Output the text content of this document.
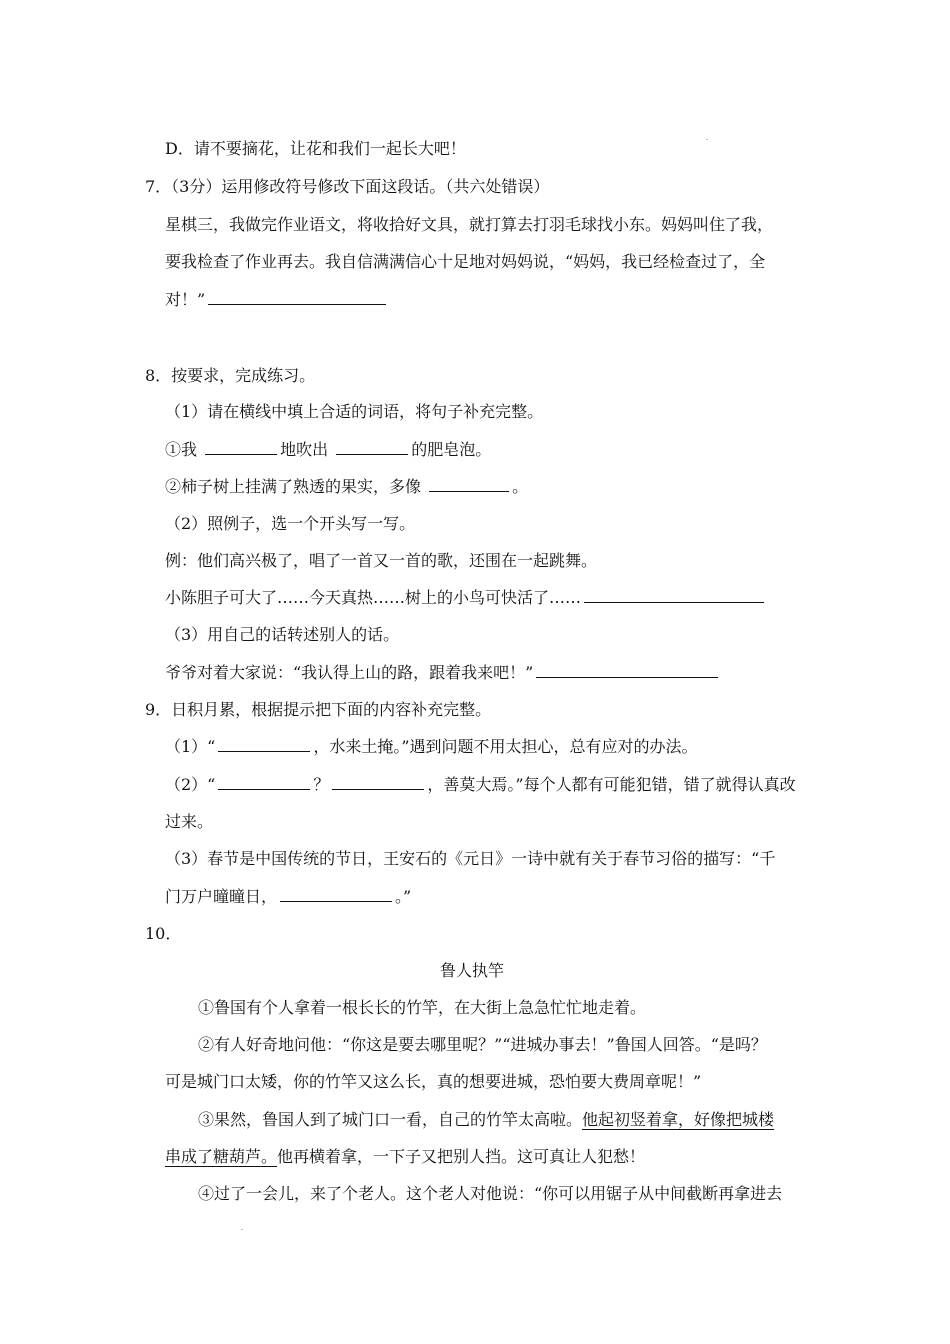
D．请不要摘花，让花和我们一起长大吧！
7．（3分）运用修改符号修改下面这段话。（共六处错误）
星棋三，我做完作业语文，将收拾好文具，就打算去打羽毛球找小东。妈妈叫住了我，
要我检查了作业再去。我自信满满信心十足地对妈妈说，“妈妈，我已经检查过了，全
对！”
8．按要求，完成练习。
（1）请在横线中填上合适的词语，将句子补充完整。
①我	地吹出	的肥皂泡。
②柿子树上挂满了熟透的果实，多像	。
（2）照例子，选一个开头写一写。
例：他们高兴极了，唱了一首又一首的歌，还围在一起跳舞。
小陈胆子可大了……今天真热……树上的小鸟可快活了……
（3）用自己的话转述别人的话。
爷爷对着大家说：“我认得上山的路，跟着我来吧！”
9．日积月累，根据提示把下面的内容补充完整。
（1）“	，水来土掩。”遇到问题不用太担心，总有应对的办法。
（2）“	？	，善莫大焉。”每个人都有可能犯错，错了就得认真改
过来。
（3）春节是中国传统的节日，王安石的《元日》一诗中就有关于春节习俗的描写：“千
门万户曈曈日，	。”
10．
鲁人执竿
①鲁国有个人拿着一根长长的竹竿，在大街上急急忙忙地走着。
②有人好奇地问他：“你这是要去哪里呢？”“进城办事去！”鲁国人回答。“是吗？
可是城门口太矮，你的竹竿又这么长，真的想要进城，恐怕要大费周章呢！”
③果然，鲁国人到了城门口一看，自己的竹竿太高啦。他起初竖着拿，好像把城楼
串成了糖葫芦。他再横着拿，一下子又把别人挡。这可真让人犯愁！
④过了一会儿，来了个老人。这个老人对他说：“你可以用锯子从中间截断再拿进去
